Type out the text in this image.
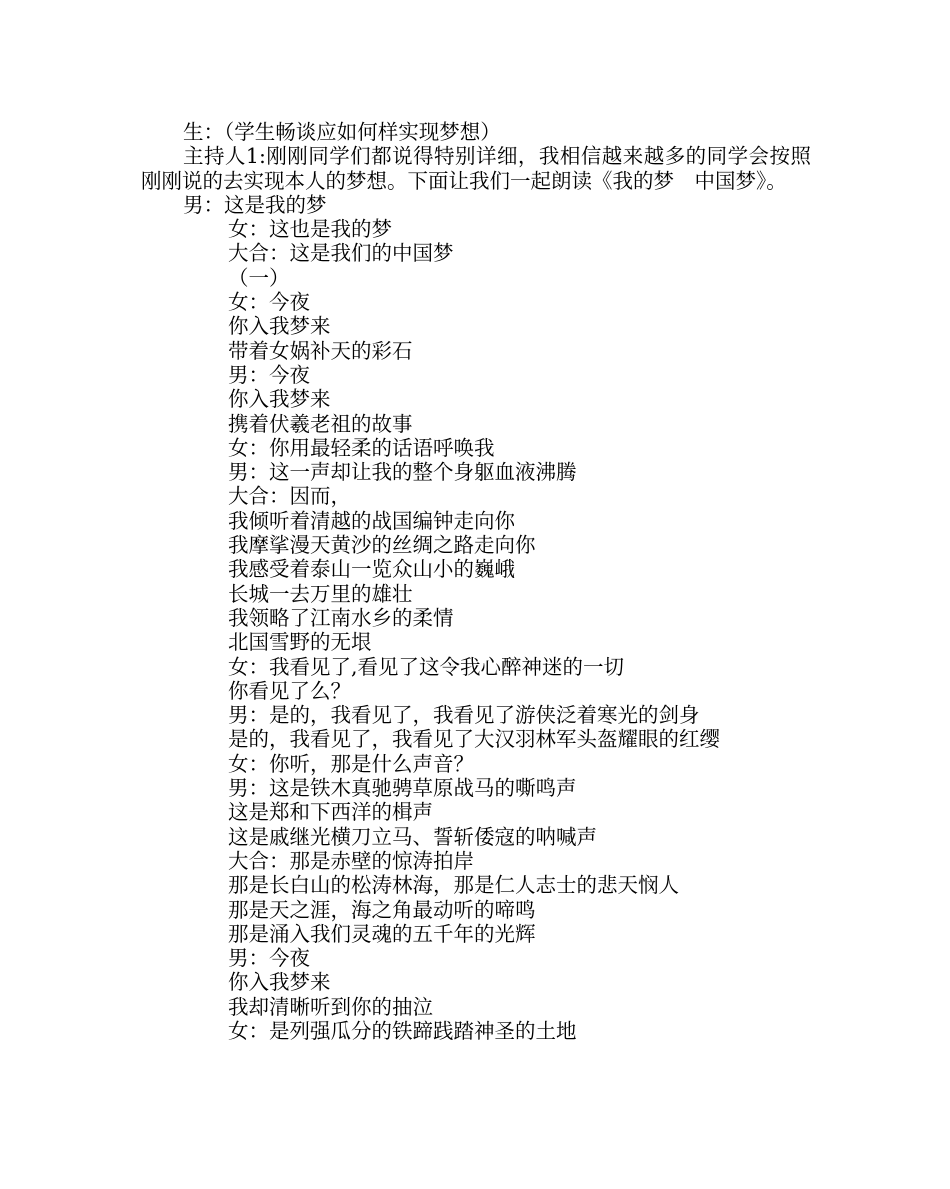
生：（学生畅谈应如何样实现梦想）

主持人1:刚刚同学们都说得特别详细，我相信越来越多的同学会按照刚刚说的去实现本人的梦想。下面让我们一起朗读《我的梦　中国梦》。

男：这是我的梦
女：这也是我的梦
大合：这是我们的中国梦
（一）
女：今夜
你入我梦来
带着女娲补天的彩石
男：今夜
你入我梦来
携着伏羲老祖的故事
女：你用最轻柔的话语呼唤我
男：这一声却让我的整个身躯血液沸腾
大合：因而，
我倾听着清越的战国编钟走向你
我摩挲漫天黄沙的丝绸之路走向你
我感受着泰山一览众山小的巍峨
长城一去万里的雄壮
我领略了江南水乡的柔情
北国雪野的无垠
女：我看见了,看见了这令我心醉神迷的一切
你看见了么？
男：是的，我看见了，我看见了游侠泛着寒光的剑身
是的，我看见了，我看见了大汉羽林军头盔耀眼的红缨
女：你听，那是什么声音？
男：这是铁木真驰骋草原战马的嘶鸣声
这是郑和下西洋的楫声
这是戚继光横刀立马、誓斩倭寇的呐喊声
大合：那是赤壁的惊涛拍岸
那是长白山的松涛林海，那是仁人志士的悲天悯人
那是天之涯，海之角最动听的啼鸣
那是涌入我们灵魂的五千年的光辉
男：今夜
你入我梦来
我却清晰听到你的抽泣
女：是列强瓜分的铁蹄践踏神圣的土地
